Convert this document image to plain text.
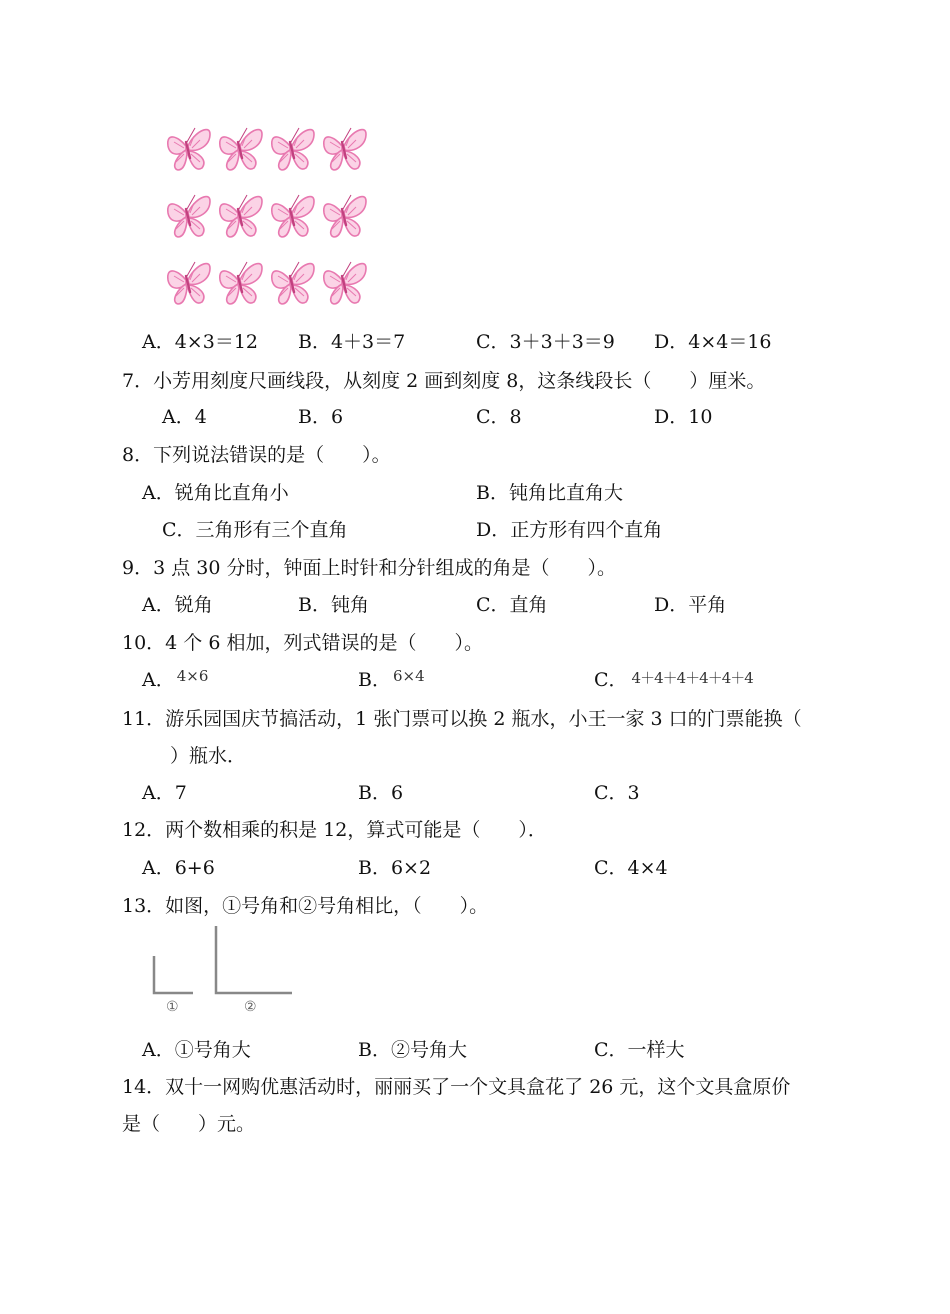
A．4×3＝12 B．4＋3＝7	C．3＋3＋3＝9 D．4×4＝16
7．小芳用刻度尺画线段，从刻度 2 画到刻度 8，这条线段长（　　）厘米。
A．4	B．6	C．8	D．10
8．下列说法错误的是（　　）。
A．锐角比直角小	B．钝角比直角大
C．三角形有三个直角	D．正方形有四个直角
9．3 点 30 分时，钟面上时针和分针组成的角是（　　）。
A．锐角	B．钝角	C．直角	D．平角
10．4 个 6 相加，列式错误的是（　　）。
A． $^{4\times 6}$	B． $^{6\times 4}$	C． 4＋4＋4＋4＋4＋4
11．游乐园国庆节搞活动，1 张门票可以换 2 瓶水，小王一家 3 口的门票能换（
）瓶水．
A．7	B．6	C．3
12．两个数相乘的积是 12，算式可能是（　　）．
A．6+6	B．6×2	C．4×4
13．如图，①号角和②号角相比，（　　）。
①	②
A．①号角大	B．②号角大	C．一样大
14．双十一网购优惠活动时，丽丽买了一个文具盒花了 26 元，这个文具盒原价
是（　　）元。
